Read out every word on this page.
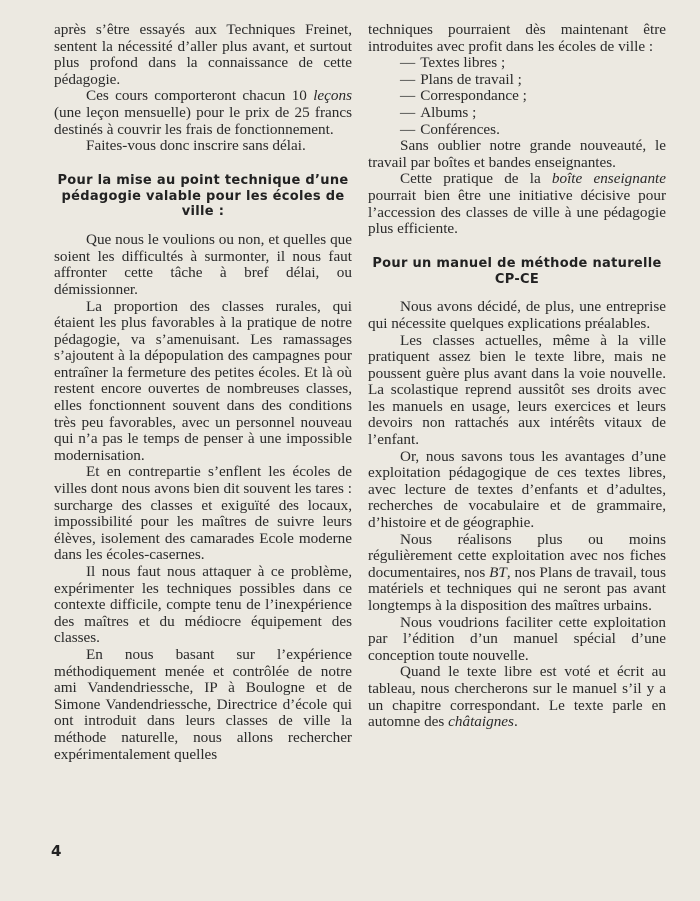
après s’être essayés aux Techniques Freinet, sentent la nécessité d’aller plus avant, et surtout plus profond dans la connaissance de cette pédagogie.

Ces cours comporteront chacun 10 leçons (une leçon mensuelle) pour le prix de 25 francs destinés à couvrir les frais de fonctionnement.

Faites-vous donc inscrire sans délai.

Pour la mise au point technique d’une pédagogie valable pour les écoles de ville :

Que nous le voulions ou non, et quelles que soient les difficultés à surmonter, il nous faut affronter cette tâche à bref délai, ou démissionner.

La proportion des classes rurales, qui étaient les plus favorables à la pratique de notre pédagogie, va s’amenuisant. Les ramassages s’ajoutent à la dépopulation des campagnes pour entraîner la fermeture des petites écoles. Et là où restent encore ouvertes de nombreuses classes, elles fonctionnent souvent dans des conditions très peu favorables, avec un personnel nouveau qui n’a pas le temps de penser à une impossible modernisation.

Et en contrepartie s’enflent les écoles de villes dont nous avons bien dit souvent les tares : surcharge des classes et exiguïté des locaux, impossibilité pour les maîtres de suivre leurs élèves, isolement des camarades Ecole moderne dans les écoles-casernes.

Il nous faut nous attaquer à ce problème, expérimenter les techniques possibles dans ce contexte difficile, compte tenu de l’inexpérience des maîtres et du médiocre équipement des classes.

En nous basant sur l’expérience méthodiquement menée et contrôlée de notre ami Vandendriessche, IP à Boulogne et de Simone Vandendriessche, Directrice d’école qui ont introduit dans leurs classes de ville la méthode naturelle, nous allons rechercher expérimentalement quelles

techniques pourraient dès maintenant être introduites avec profit dans les écoles de ville :

— Textes libres ;
— Plans de travail ;
— Correspondance ;
— Albums ;
— Conférences.

Sans oublier notre grande nouveauté, le travail par boîtes et bandes enseignantes.

Cette pratique de la boîte enseignante pourrait bien être une initiative décisive pour l’accession des classes de ville à une pédagogie plus efficiente.

Pour un manuel de méthode naturelle CP-CE

Nous avons décidé, de plus, une entreprise qui nécessite quelques explications préalables.

Les classes actuelles, même à la ville pratiquent assez bien le texte libre, mais ne poussent guère plus avant dans la voie nouvelle. La scolastique reprend aussitôt ses droits avec les manuels en usage, leurs exercices et leurs devoirs non rattachés aux intérêts vitaux de l’enfant.

Or, nous savons tous les avantages d’une exploitation pédagogique de ces textes libres, avec lecture de textes d’enfants et d’adultes, recherches de vocabulaire et de grammaire, d’histoire et de géographie.

Nous réalisons plus ou moins régulièrement cette exploitation avec nos fiches documentaires, nos BT, nos Plans de travail, tous matériels et techniques qui ne seront pas avant longtemps à la disposition des maîtres urbains.

Nous voudrions faciliter cette exploitation par l’édition d’un manuel spécial d’une conception toute nouvelle.

Quand le texte libre est voté et écrit au tableau, nous chercherons sur le manuel s’il y a un chapitre correspondant. Le texte parle en automne des châtaignes.

4
